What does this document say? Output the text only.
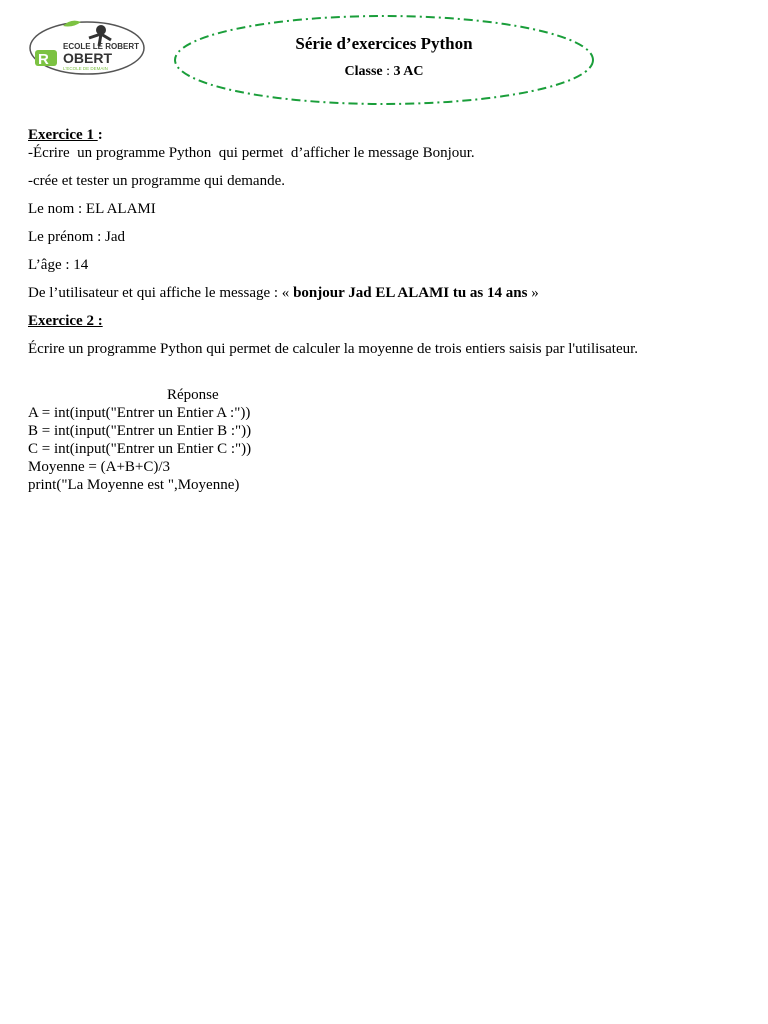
R
ECOLE LE ROBERT
OBERT
L'ECOLE DE DEMAIN
Série d’exercices Python
Classe : 3 AC

Exercice 1 :

-Écrire  un programme Python  qui permet  d’afficher le message Bonjour.

-crée et tester un programme qui demande.

Le nom : EL ALAMI

Le prénom : Jad

L’âge : 14

De l’utilisateur et qui affiche le message : « bonjour Jad EL ALAMI tu as 14 ans »

Exercice 2 :

Écrire un programme Python qui permet de calculer la moyenne de trois entiers saisis par l'utilisateur.

Réponse

A = int(input("Entrer un Entier A :"))

B = int(input("Entrer un Entier B :"))

C = int(input("Entrer un Entier C :"))

Moyenne = (A+B+C)/3

print("La Moyenne est ",Moyenne)
